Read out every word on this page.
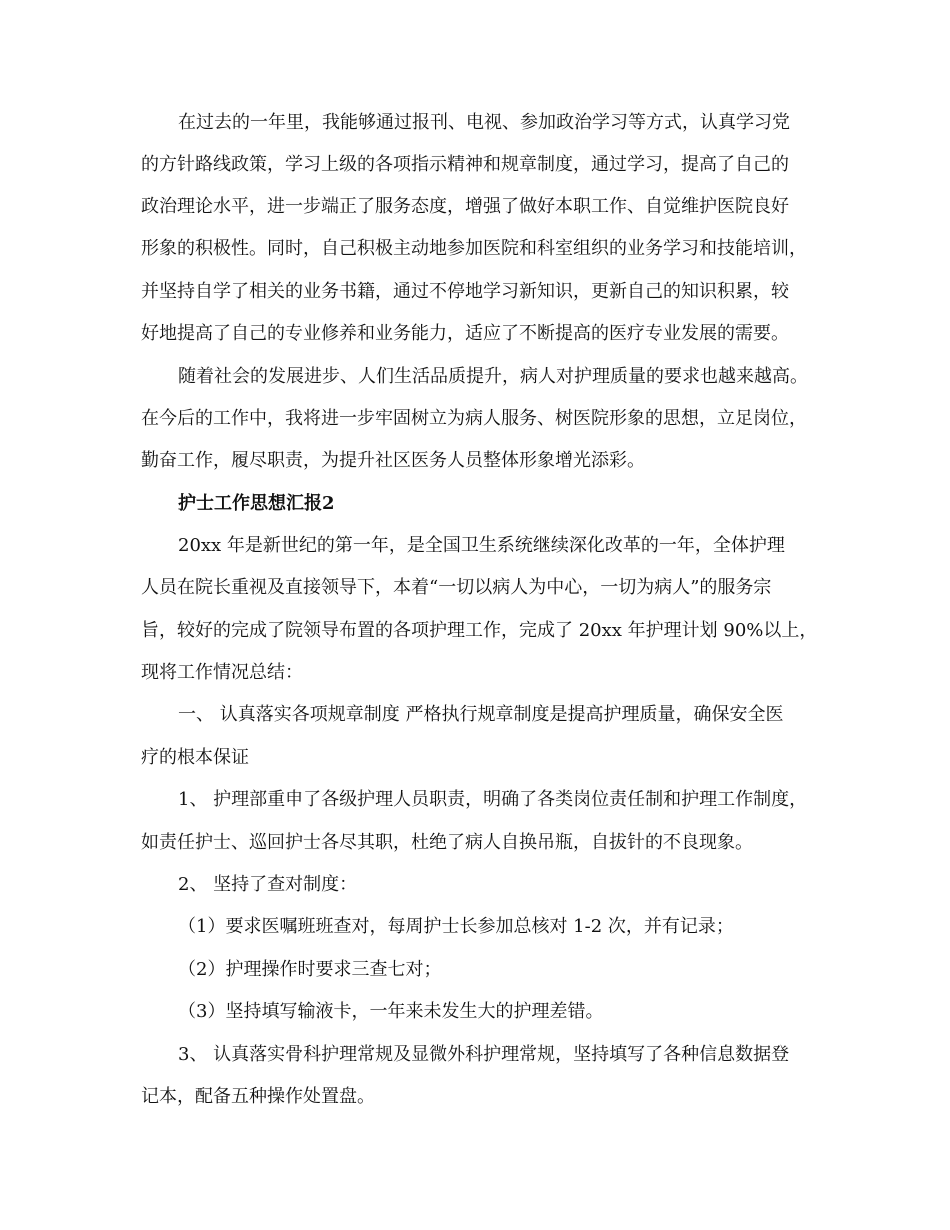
在过去的一年里，我能够通过报刊、电视、参加政治学习等方式，认真学习党
的方针路线政策，学习上级的各项指示精神和规章制度，通过学习，提高了自己的
政治理论水平，进一步端正了服务态度，增强了做好本职工作、自觉维护医院良好
形象的积极性。同时，自己积极主动地参加医院和科室组织的业务学习和技能培训，
并坚持自学了相关的业务书籍，通过不停地学习新知识，更新自己的知识积累，较
好地提高了自己的专业修养和业务能力，适应了不断提高的医疗专业发展的需要。
随着社会的发展进步、人们生活品质提升，病人对护理质量的要求也越来越高。
在今后的工作中，我将进一步牢固树立为病人服务、树医院形象的思想，立足岗位，
勤奋工作，履尽职责，为提升社区医务人员整体形象增光添彩。
护士工作思想汇报2
20xx 年是新世纪的第一年，是全国卫生系统继续深化改革的一年，全体护理
人员在院长重视及直接领导下，本着“一切以病人为中心，一切为病人”的服务宗
旨，较好的完成了院领导布置的各项护理工作，完成了 20xx 年护理计划 90%以上，
现将工作情况总结：
一、 认真落实各项规章制度 严格执行规章制度是提高护理质量，确保安全医
疗的根本保证
1、 护理部重申了各级护理人员职责，明确了各类岗位责任制和护理工作制度，
如责任护士、巡回护士各尽其职，杜绝了病人自换吊瓶，自拔针的不良现象。
2、 坚持了查对制度：
（1）要求医嘱班班查对，每周护士长参加总核对 1-2 次，并有记录；
（2）护理操作时要求三查七对；
（3）坚持填写输液卡，一年来未发生大的护理差错。
3、 认真落实骨科护理常规及显微外科护理常规，坚持填写了各种信息数据登
记本，配备五种操作处置盘。
